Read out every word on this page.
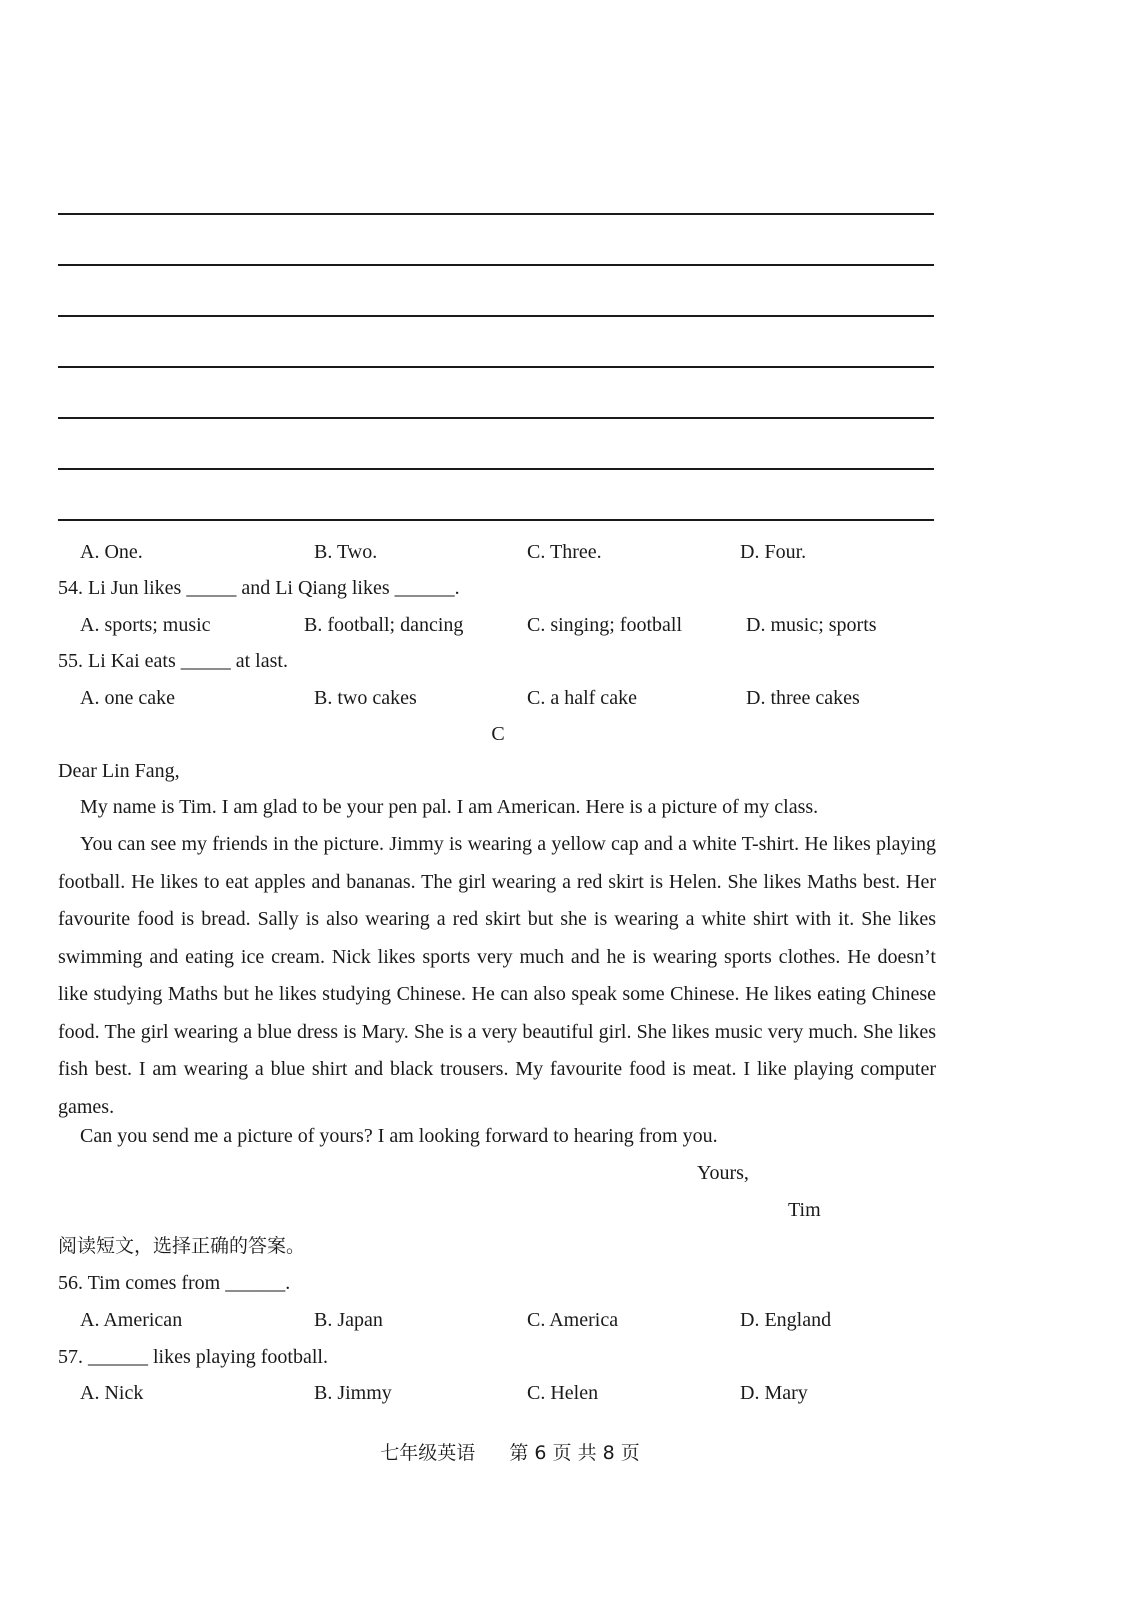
A. One.	B. Two.	C. Three.	D. Four.
54. Li Jun likes _____ and Li Qiang likes ______.
A. sports; music	B. football; dancing	C. singing; football	D. music; sports
55. Li Kai eats _____ at last.
A. one cake	B. two cakes	C. a half cake	D. three cakes
C
Dear Lin Fang,
My name is Tim. I am glad to be your pen pal. I am American. Here is a picture of my class.
You can see my friends in the picture. Jimmy is wearing a yellow cap and a white T-shirt. He likes playing football. He likes to eat apples and bananas. The girl wearing a red skirt is Helen. She likes Maths best. Her favourite food is bread. Sally is also wearing a red skirt but she is wearing a white shirt with it. She likes swimming and eating ice cream. Nick likes sports very much and he is wearing sports clothes. He doesn’t like studying Maths but he likes studying Chinese. He can also speak some Chinese. He likes eating Chinese food. The girl wearing a blue dress is Mary. She is a very beautiful girl. She likes music very much. She likes fish best. I am wearing a blue shirt and black trousers. My favourite food is meat. I like playing computer games.
Can you send me a picture of yours? I am looking forward to hearing from you.
Yours,
Tim
阅读短文，选择正确的答案。
56. Tim comes from ______.
A. American	B. Japan	C. America	D. England
57. ______ likes playing football.
A. Nick	B. Jimmy	C. Helen	D. Mary
七年级英语 第 6 页 共 8 页
